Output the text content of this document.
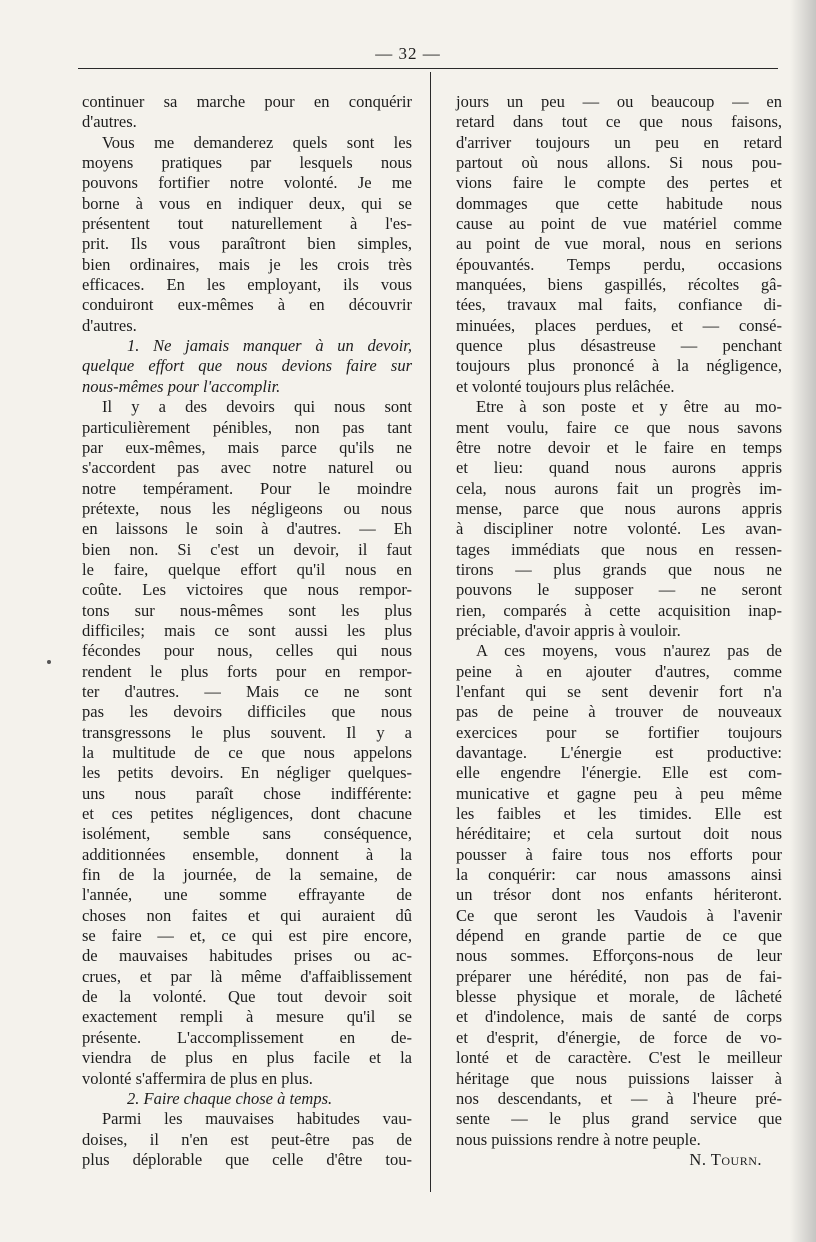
— 32 —
continuer sa marche pour en conquérir
d'autres.
Vous me demanderez quels sont les
moyens pratiques par lesquels nous
pouvons fortifier notre volonté. Je me
borne à vous en indiquer deux, qui se
présentent tout naturellement à l'es-
prit. Ils vous paraîtront bien simples,
bien ordinaires, mais je les crois très
efficaces. En les employant, ils vous
conduiront eux-mêmes à en découvrir
d'autres.
1. Ne jamais manquer à un devoir,
quelque effort que nous devions faire sur
nous-mêmes pour l'accomplir.
Il y a des devoirs qui nous sont
particulièrement pénibles, non pas tant
par eux-mêmes, mais parce qu'ils ne
s'accordent pas avec notre naturel ou
notre tempérament. Pour le moindre
prétexte, nous les négligeons ou nous
en laissons le soin à d'autres. — Eh
bien non. Si c'est un devoir, il faut
le faire, quelque effort qu'il nous en
coûte. Les victoires que nous rempor-
tons sur nous-mêmes sont les plus
difficiles; mais ce sont aussi les plus
fécondes pour nous, celles qui nous
rendent le plus forts pour en rempor-
ter d'autres. — Mais ce ne sont
pas les devoirs difficiles que nous
transgressons le plus souvent. Il y a
la multitude de ce que nous appelons
les petits devoirs. En négliger quelques-
uns nous paraît chose indifférente:
et ces petites négligences, dont chacune
isolément, semble sans conséquence,
additionnées ensemble, donnent à la
fin de la journée, de la semaine, de
l'année, une somme effrayante de
choses non faites et qui auraient dû
se faire — et, ce qui est pire encore,
de mauvaises habitudes prises ou ac-
crues, et par là même d'affaiblissement
de la volonté. Que tout devoir soit
exactement rempli à mesure qu'il se
présente. L'accomplissement en de-
viendra de plus en plus facile et la
volonté s'affermira de plus en plus.
2. Faire chaque chose à temps.
Parmi les mauvaises habitudes vau-
doises, il n'en est peut-être pas de
plus déplorable que celle d'être tou-
jours un peu — ou beaucoup — en
retard dans tout ce que nous faisons,
d'arriver toujours un peu en retard
partout où nous allons. Si nous pou-
vions faire le compte des pertes et
dommages que cette habitude nous
cause au point de vue matériel comme
au point de vue moral, nous en serions
épouvantés. Temps perdu, occasions
manquées, biens gaspillés, récoltes gâ-
tées, travaux mal faits, confiance di-
minuées, places perdues, et — consé-
quence plus désastreuse — penchant
toujours plus prononcé à la négligence,
et volonté toujours plus relâchée.
Etre à son poste et y être au mo-
ment voulu, faire ce que nous savons
être notre devoir et le faire en temps
et lieu: quand nous aurons appris
cela, nous aurons fait un progrès im-
mense, parce que nous aurons appris
à discipliner notre volonté. Les avan-
tages immédiats que nous en ressen-
tirons — plus grands que nous ne
pouvons le supposer — ne seront
rien, comparés à cette acquisition inap-
préciable, d'avoir appris à vouloir.
A ces moyens, vous n'aurez pas de
peine à en ajouter d'autres, comme
l'enfant qui se sent devenir fort n'a
pas de peine à trouver de nouveaux
exercices pour se fortifier toujours
davantage. L'énergie est productive:
elle engendre l'énergie. Elle est com-
municative et gagne peu à peu même
les faibles et les timides. Elle est
héréditaire; et cela surtout doit nous
pousser à faire tous nos efforts pour
la conquérir: car nous amassons ainsi
un trésor dont nos enfants hériteront.
Ce que seront les Vaudois à l'avenir
dépend en grande partie de ce que
nous sommes. Efforçons-nous de leur
préparer une hérédité, non pas de fai-
blesse physique et morale, de lâcheté
et d'indolence, mais de santé de corps
et d'esprit, d'énergie, de force de vo-
lonté et de caractère. C'est le meilleur
héritage que nous puissions laisser à
nos descendants, et — à l'heure pré-
sente — le plus grand service que
nous puissions rendre à notre peuple.
N. Tourn.
